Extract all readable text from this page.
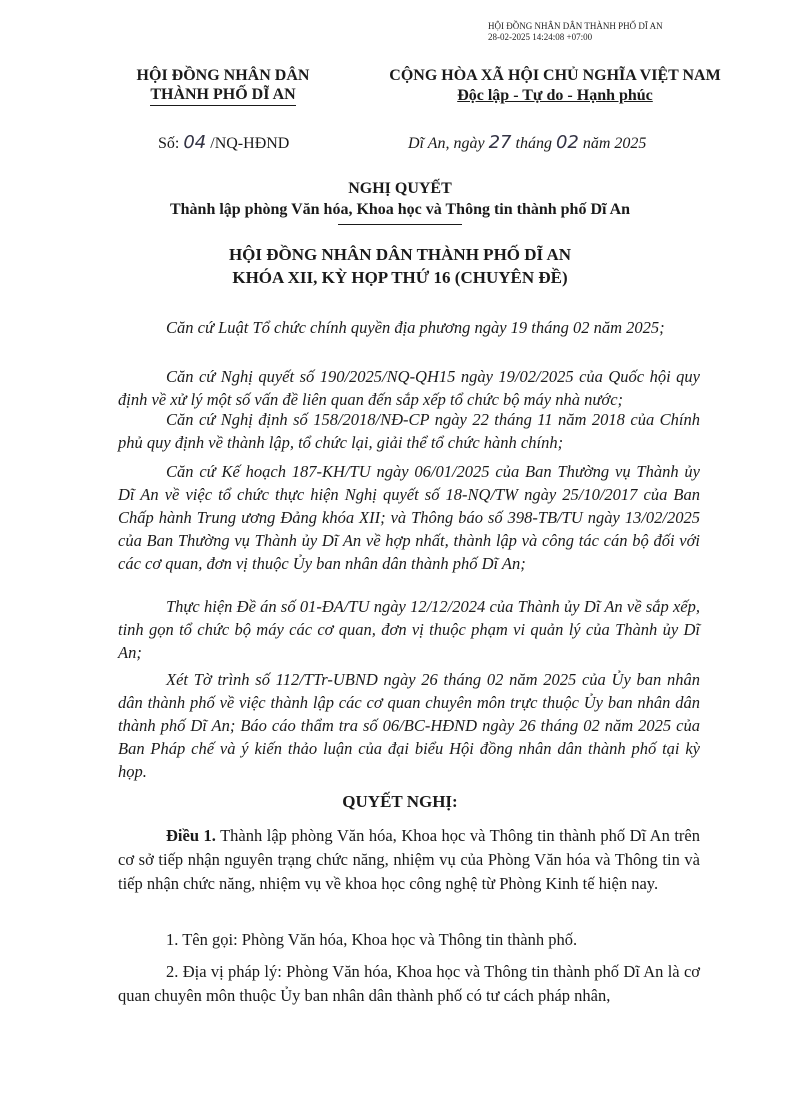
HỘI ĐỒNG NHÂN DÂN THÀNH PHỐ DĨ AN
28-02-2025 14:24:08 +07:00
HỘI ĐỒNG NHÂN DÂN
THÀNH PHỐ DĨ AN
CỘNG HÒA XÃ HỘI CHỦ NGHĨA VIỆT NAM
Độc lập - Tự do - Hạnh phúc
Số: 04 /NQ-HĐND	Dĩ An, ngày 27 tháng 02 năm 2025
NGHỊ QUYẾT
Thành lập phòng Văn hóa, Khoa học và Thông tin thành phố Dĩ An
HỘI ĐỒNG NHÂN DÂN THÀNH PHỐ DĨ AN
KHÓA XII, KỲ HỌP THỨ 16 (CHUYÊN ĐỀ)
Căn cứ Luật Tổ chức chính quyền địa phương ngày 19 tháng 02 năm 2025;
Căn cứ Nghị quyết số 190/2025/NQ-QH15 ngày 19/02/2025 của Quốc hội quy định về xử lý một số vấn đề liên quan đến sắp xếp tổ chức bộ máy nhà nước;
Căn cứ Nghị định số 158/2018/NĐ-CP ngày 22 tháng 11 năm 2018 của Chính phủ quy định về thành lập, tổ chức lại, giải thể tổ chức hành chính;
Căn cứ Kế hoạch 187-KH/TU ngày 06/01/2025 của Ban Thường vụ Thành ủy Dĩ An về việc tổ chức thực hiện Nghị quyết số 18-NQ/TW ngày 25/10/2017 của Ban Chấp hành Trung ương Đảng khóa XII; và Thông báo số 398-TB/TU ngày 13/02/2025 của Ban Thường vụ Thành ủy Dĩ An về hợp nhất, thành lập và công tác cán bộ đối với các cơ quan, đơn vị thuộc Ủy ban nhân dân thành phố Dĩ An;
Thực hiện Đề án số 01-ĐA/TU ngày 12/12/2024 của Thành ủy Dĩ An về sắp xếp, tinh gọn tổ chức bộ máy các cơ quan, đơn vị thuộc phạm vi quản lý của Thành ủy Dĩ An;
Xét Tờ trình số 112/TTr-UBND ngày 26 tháng 02 năm 2025 của Ủy ban nhân dân thành phố về việc thành lập các cơ quan chuyên môn trực thuộc Ủy ban nhân dân thành phố Dĩ An; Báo cáo thẩm tra số 06/BC-HĐND ngày 26 tháng 02 năm 2025 của Ban Pháp chế và ý kiến thảo luận của đại biểu Hội đồng nhân dân thành phố tại kỳ họp.
QUYẾT NGHỊ:
Điều 1. Thành lập phòng Văn hóa, Khoa học và Thông tin thành phố Dĩ An trên cơ sở tiếp nhận nguyên trạng chức năng, nhiệm vụ của Phòng Văn hóa và Thông tin và tiếp nhận chức năng, nhiệm vụ về khoa học công nghệ từ Phòng Kinh tế hiện nay.
1. Tên gọi: Phòng Văn hóa, Khoa học và Thông tin thành phố.
2. Địa vị pháp lý: Phòng Văn hóa, Khoa học và Thông tin thành phố Dĩ An là cơ quan chuyên môn thuộc Ủy ban nhân dân thành phố có tư cách pháp nhân,
